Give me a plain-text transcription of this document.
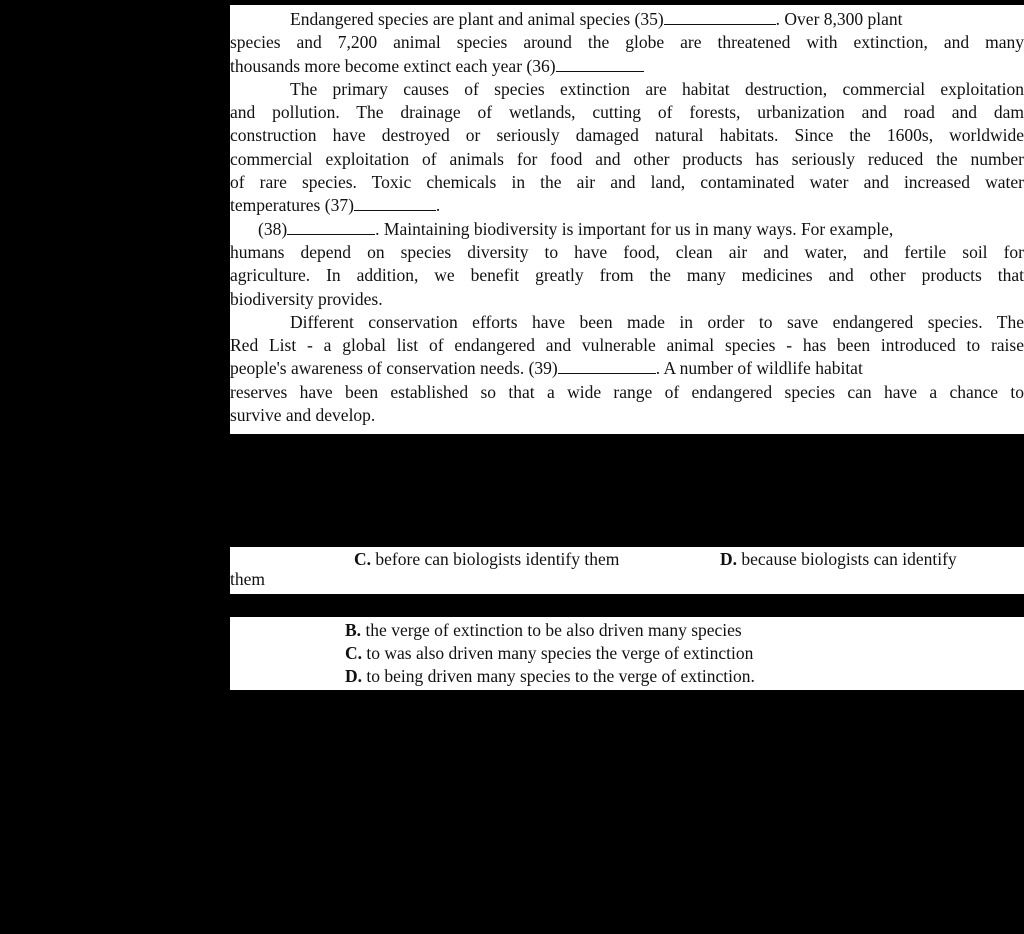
Endangered species are plant and animal species (35)	. Over 8,300 plant
species and 7,200 animal species around the globe are threatened with extinction, and many
thousands more become extinct each year (36)
The primary causes of species extinction are habitat destruction, commercial exploitation
and pollution. The drainage of wetlands, cutting of forests, urbanization and road and dam
construction have destroyed or seriously damaged natural habitats. Since the 1600s, worldwide
commercial exploitation of animals for food and other products has seriously reduced the number
of rare species. Toxic chemicals in the air and land, contaminated water and increased water
temperatures (37)	.
(38)	. Maintaining biodiversity is important for us in many ways. For example,
humans depend on species diversity to have food, clean air and water, and fertile soil for
agriculture. In addition, we benefit greatly from the many medicines and other products that
biodiversity provides.
Different conservation efforts have been made in order to save endangered species. The
Red List - a global list of endangered and vulnerable animal species - has been introduced to raise
people's awareness of conservation needs. (39)	. A number of wildlife habitat
reserves have been established so that a wide range of endangered species can have a chance to
survive and develop.
C. before can biologists identify them	D. because biologists can identify
them
B. the verge of extinction to be also driven many species
C. to was also driven many species the verge of extinction
D. to being driven many species to the verge of extinction.
